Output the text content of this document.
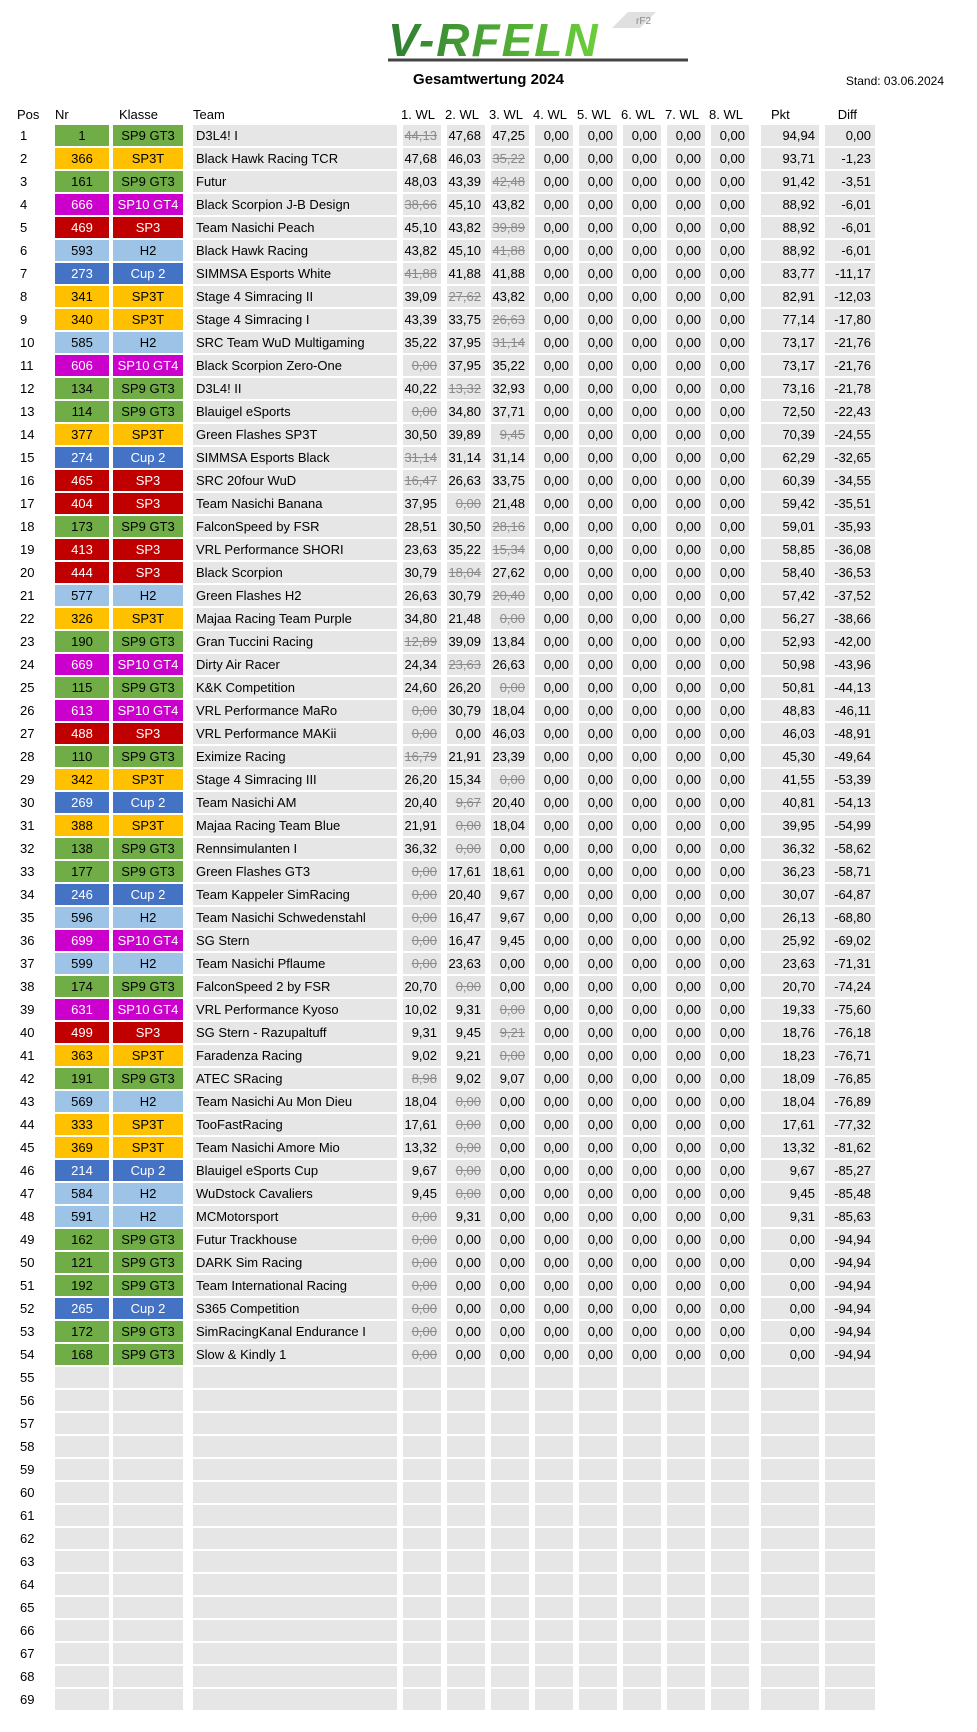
V-RFELN	rF2
Gesamtwertung 2024	Stand: 03.06.2024
Pos	Nr	Klasse	Team	1. WL	2. WL	3. WL	4. WL	5. WL	6. WL	7. WL	8. WL	Pkt	Diff

1	1	SP9 GT3	D3L4! I	44,13	47,68	47,25	0,00	0,00	0,00	0,00	0,00	94,94	0,00

2	366	SP3T	Black Hawk Racing TCR	47,68	46,03	35,22	0,00	0,00	0,00	0,00	0,00	93,71	-1,23

3	161	SP9 GT3	Futur	48,03	43,39	42,48	0,00	0,00	0,00	0,00	0,00	91,42	-3,51

4	666	SP10 GT4	Black Scorpion J-B Design	38,66	45,10	43,82	0,00	0,00	0,00	0,00	0,00	88,92	-6,01

5	469	SP3	Team Nasichi Peach	45,10	43,82	39,89	0,00	0,00	0,00	0,00	0,00	88,92	-6,01

6	593	H2	Black Hawk Racing	43,82	45,10	41,88	0,00	0,00	0,00	0,00	0,00	88,92	-6,01

7	273	Cup 2	SIMMSA Esports White	41,88	41,88	41,88	0,00	0,00	0,00	0,00	0,00	83,77	-11,17

8	341	SP3T	Stage 4 Simracing II	39,09	27,62	43,82	0,00	0,00	0,00	0,00	0,00	82,91	-12,03

9	340	SP3T	Stage 4 Simracing I	43,39	33,75	26,63	0,00	0,00	0,00	0,00	0,00	77,14	-17,80

10	585	H2	SRC Team WuD Multigaming	35,22	37,95	31,14	0,00	0,00	0,00	0,00	0,00	73,17	-21,76

11	606	SP10 GT4	Black Scorpion Zero-One	0,00	37,95	35,22	0,00	0,00	0,00	0,00	0,00	73,17	-21,76

12	134	SP9 GT3	D3L4! II	40,22	13,32	32,93	0,00	0,00	0,00	0,00	0,00	73,16	-21,78

13	114	SP9 GT3	Blauigel eSports	0,00	34,80	37,71	0,00	0,00	0,00	0,00	0,00	72,50	-22,43

14	377	SP3T	Green Flashes SP3T	30,50	39,89	9,45	0,00	0,00	0,00	0,00	0,00	70,39	-24,55

15	274	Cup 2	SIMMSA Esports Black	31,14	31,14	31,14	0,00	0,00	0,00	0,00	0,00	62,29	-32,65

16	465	SP3	SRC 20four WuD	16,47	26,63	33,75	0,00	0,00	0,00	0,00	0,00	60,39	-34,55

17	404	SP3	Team Nasichi Banana	37,95	0,00	21,48	0,00	0,00	0,00	0,00	0,00	59,42	-35,51

18	173	SP9 GT3	FalconSpeed by FSR	28,51	30,50	28,16	0,00	0,00	0,00	0,00	0,00	59,01	-35,93

19	413	SP3	VRL Performance SHORI	23,63	35,22	15,34	0,00	0,00	0,00	0,00	0,00	58,85	-36,08

20	444	SP3	Black Scorpion	30,79	18,04	27,62	0,00	0,00	0,00	0,00	0,00	58,40	-36,53

21	577	H2	Green Flashes H2	26,63	30,79	20,40	0,00	0,00	0,00	0,00	0,00	57,42	-37,52

22	326	SP3T	Majaa Racing Team Purple	34,80	21,48	0,00	0,00	0,00	0,00	0,00	0,00	56,27	-38,66

23	190	SP9 GT3	Gran Tuccini Racing	12,89	39,09	13,84	0,00	0,00	0,00	0,00	0,00	52,93	-42,00

24	669	SP10 GT4	Dirty Air Racer	24,34	23,63	26,63	0,00	0,00	0,00	0,00	0,00	50,98	-43,96

25	115	SP9 GT3	K&K Competition	24,60	26,20	0,00	0,00	0,00	0,00	0,00	0,00	50,81	-44,13

26	613	SP10 GT4	VRL Performance MaRo	0,00	30,79	18,04	0,00	0,00	0,00	0,00	0,00	48,83	-46,11

27	488	SP3	VRL Performance MAKii	0,00	0,00	46,03	0,00	0,00	0,00	0,00	0,00	46,03	-48,91

28	110	SP9 GT3	Eximize Racing	16,79	21,91	23,39	0,00	0,00	0,00	0,00	0,00	45,30	-49,64

29	342	SP3T	Stage 4 Simracing III	26,20	15,34	0,00	0,00	0,00	0,00	0,00	0,00	41,55	-53,39

30	269	Cup 2	Team Nasichi AM	20,40	9,67	20,40	0,00	0,00	0,00	0,00	0,00	40,81	-54,13

31	388	SP3T	Majaa Racing Team Blue	21,91	0,00	18,04	0,00	0,00	0,00	0,00	0,00	39,95	-54,99

32	138	SP9 GT3	Rennsimulanten I	36,32	0,00	0,00	0,00	0,00	0,00	0,00	0,00	36,32	-58,62

33	177	SP9 GT3	Green Flashes GT3	0,00	17,61	18,61	0,00	0,00	0,00	0,00	0,00	36,23	-58,71

34	246	Cup 2	Team Kappeler SimRacing	0,00	20,40	9,67	0,00	0,00	0,00	0,00	0,00	30,07	-64,87

35	596	H2	Team Nasichi Schwedenstahl	0,00	16,47	9,67	0,00	0,00	0,00	0,00	0,00	26,13	-68,80

36	699	SP10 GT4	SG Stern	0,00	16,47	9,45	0,00	0,00	0,00	0,00	0,00	25,92	-69,02

37	599	H2	Team Nasichi Pflaume	0,00	23,63	0,00	0,00	0,00	0,00	0,00	0,00	23,63	-71,31

38	174	SP9 GT3	FalconSpeed 2 by FSR	20,70	0,00	0,00	0,00	0,00	0,00	0,00	0,00	20,70	-74,24

39	631	SP10 GT4	VRL Performance Kyoso	10,02	9,31	0,00	0,00	0,00	0,00	0,00	0,00	19,33	-75,60

40	499	SP3	SG Stern - Razupaltuff	9,31	9,45	9,21	0,00	0,00	0,00	0,00	0,00	18,76	-76,18

41	363	SP3T	Faradenza Racing	9,02	9,21	0,00	0,00	0,00	0,00	0,00	0,00	18,23	-76,71

42	191	SP9 GT3	ATEC SRacing	8,98	9,02	9,07	0,00	0,00	0,00	0,00	0,00	18,09	-76,85

43	569	H2	Team Nasichi Au Mon Dieu	18,04	0,00	0,00	0,00	0,00	0,00	0,00	0,00	18,04	-76,89

44	333	SP3T	TooFastRacing	17,61	0,00	0,00	0,00	0,00	0,00	0,00	0,00	17,61	-77,32

45	369	SP3T	Team Nasichi Amore Mio	13,32	0,00	0,00	0,00	0,00	0,00	0,00	0,00	13,32	-81,62

46	214	Cup 2	Blauigel eSports Cup	9,67	0,00	0,00	0,00	0,00	0,00	0,00	0,00	9,67	-85,27

47	584	H2	WuDstock Cavaliers	9,45	0,00	0,00	0,00	0,00	0,00	0,00	0,00	9,45	-85,48

48	591	H2	MCMotorsport	0,00	9,31	0,00	0,00	0,00	0,00	0,00	0,00	9,31	-85,63

49	162	SP9 GT3	Futur Trackhouse	0,00	0,00	0,00	0,00	0,00	0,00	0,00	0,00	0,00	-94,94

50	121	SP9 GT3	DARK Sim Racing	0,00	0,00	0,00	0,00	0,00	0,00	0,00	0,00	0,00	-94,94

51	192	SP9 GT3	Team International Racing	0,00	0,00	0,00	0,00	0,00	0,00	0,00	0,00	0,00	-94,94

52	265	Cup 2	S365 Competition	0,00	0,00	0,00	0,00	0,00	0,00	0,00	0,00	0,00	-94,94

53	172	SP9 GT3	SimRacingKanal Endurance I	0,00	0,00	0,00	0,00	0,00	0,00	0,00	0,00	0,00	-94,94

54	168	SP9 GT3	Slow & Kindly 1	0,00	0,00	0,00	0,00	0,00	0,00	0,00	0,00	0,00	-94,94

55													

56													

57													

58													

59													

60													

61													

62													

63													

64													

65													

66													

67													

68													

69													
